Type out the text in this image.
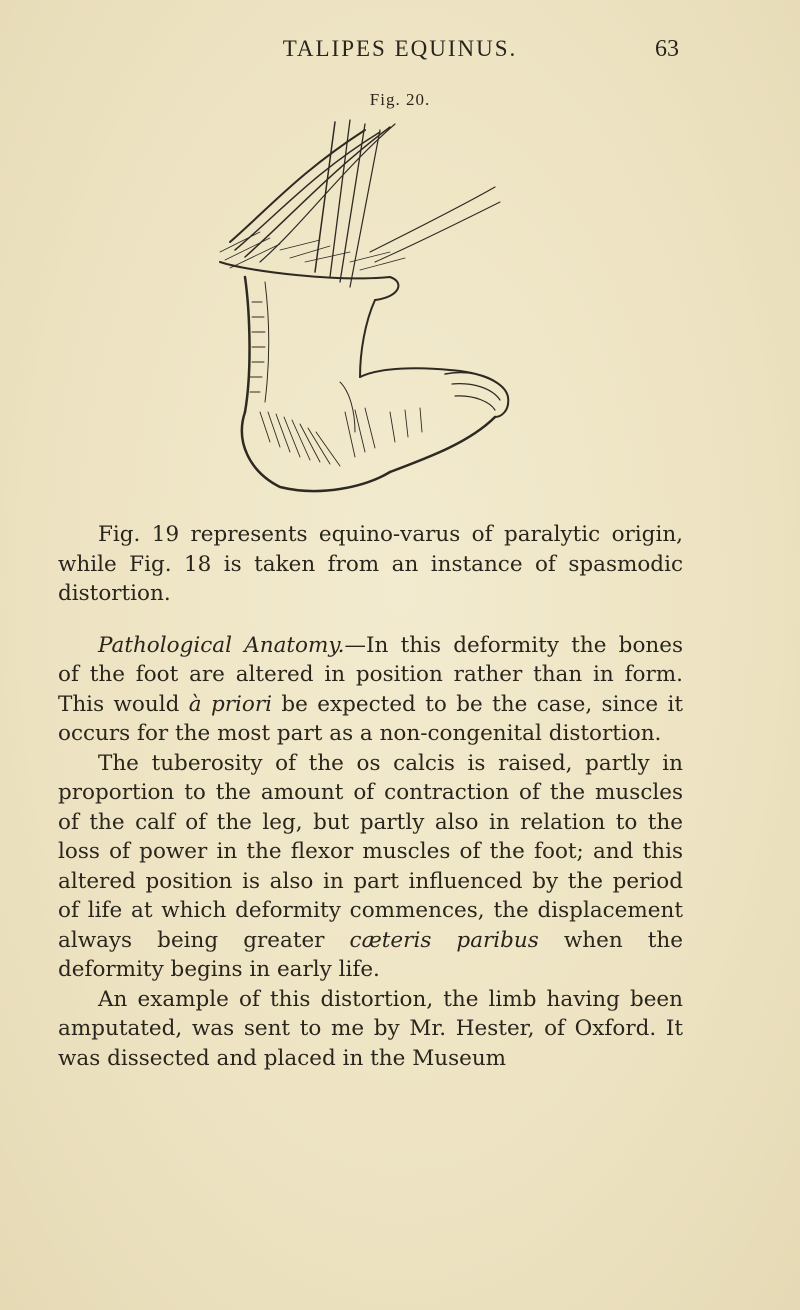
TALIPES EQUINUS.	63
Fig. 20.

Fig. 19 represents equino-varus of paralytic origin, while Fig. 18 is taken from an instance of spasmodic distortion.

Pathological Anatomy.—In this deformity the bones of the foot are altered in position rather than in form. This would à priori be expected to be the case, since it occurs for the most part as a non-congenital distortion.

The tuberosity of the os calcis is raised, partly in proportion to the amount of contraction of the muscles of the calf of the leg, but partly also in relation to the loss of power in the flexor muscles of the foot; and this altered position is also in part influenced by the period of life at which deformity commences, the displacement always being greater cæteris paribus when the deformity begins in early life.

An example of this distortion, the limb having been amputated, was sent to me by Mr. Hester, of Oxford. It was dissected and placed in the Museum
